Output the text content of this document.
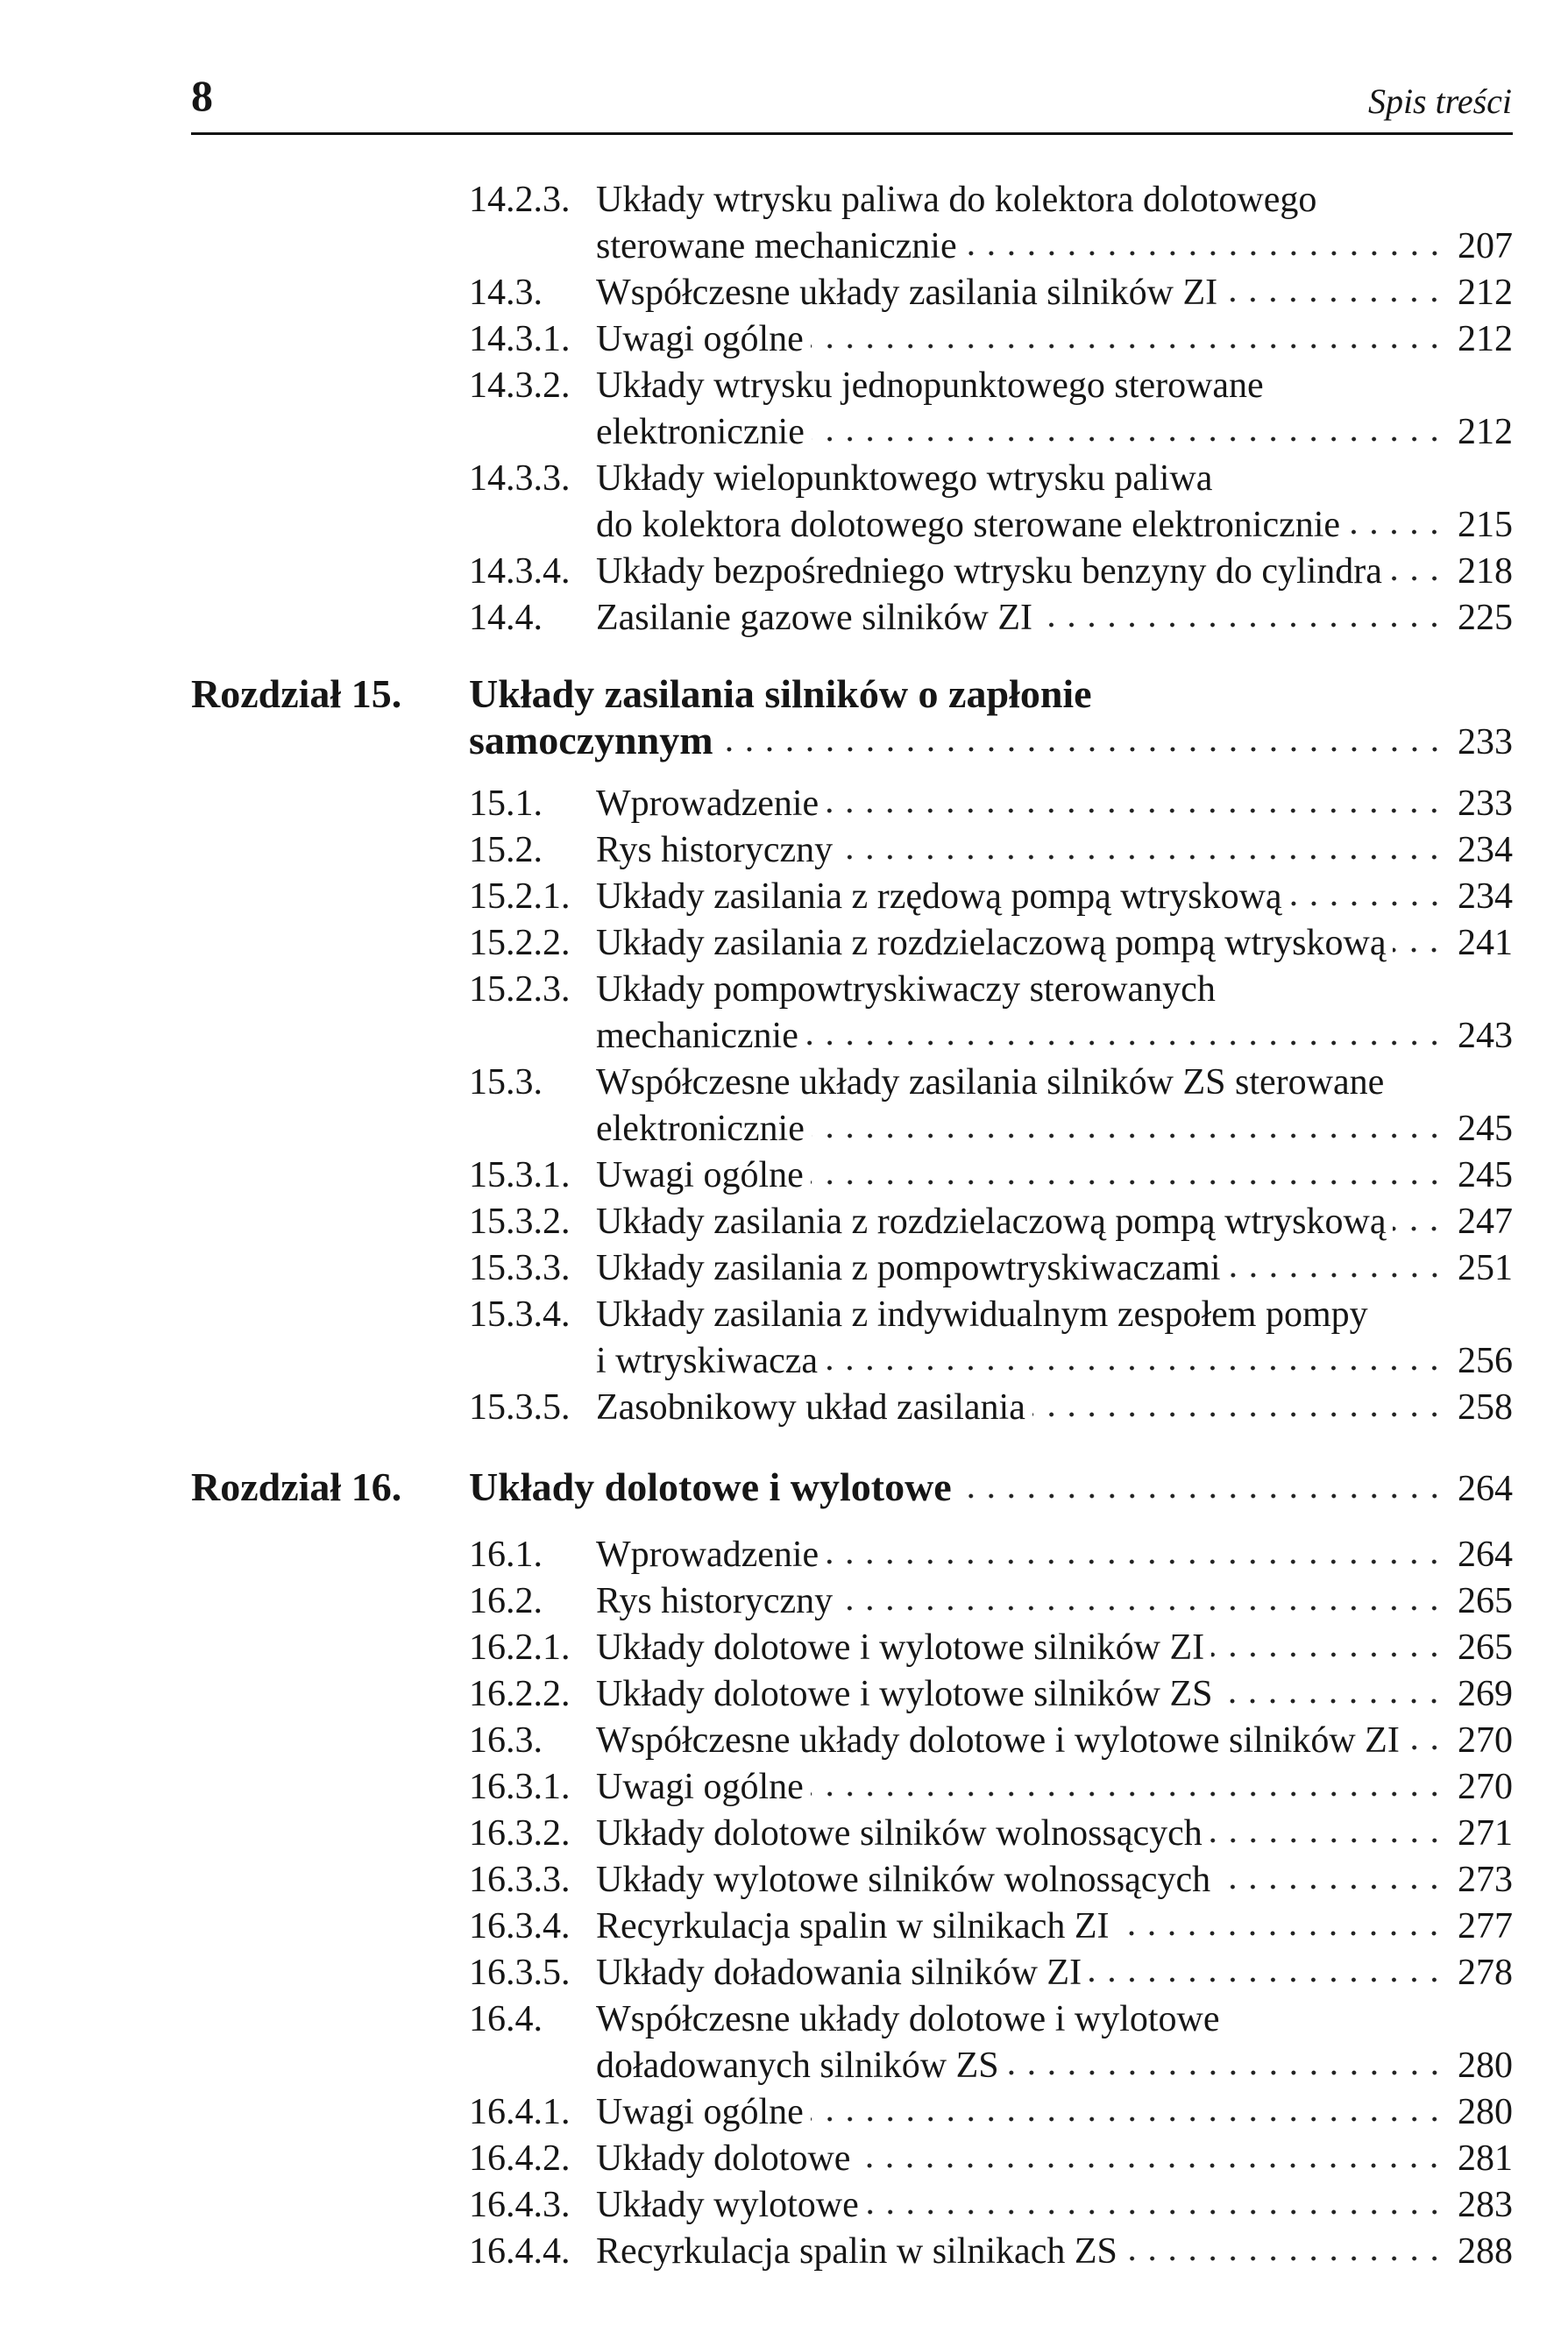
8	Spis treści
14.2.3. Układy wtrysku paliwa do kolektora dolotowego
sterowane mechanicznie	207
14.3.	Współczesne układy zasilania silników ZI	212
14.3.1. Uwagi ogólne	212
14.3.2. Układy wtrysku jednopunktowego sterowane
elektronicznie	212
14.3.3. Układy wielopunktowego wtrysku paliwa
do kolektora dolotowego sterowane elektronicznie	215
14.3.4. Układy bezpośredniego wtrysku benzyny do cylindra 218
14.4.	Zasilanie gazowe silników ZI	225
Rozdział 15.	Układy zasilania silników o zapłonie
samoczynnym	233
15.1.	Wprowadzenie	233
15.2.	Rys historyczny	234
15.2.1. Układy zasilania z rzędową pompą wtryskową	234
15.2.2. Układy zasilania z rozdzielaczową pompą wtryskową 241
15.2.3. Układy pompowtryskiwaczy sterowanych
mechanicznie	243
15.3.	Współczesne układy zasilania silników ZS sterowane
elektronicznie	245
15.3.1. Uwagi ogólne	245
15.3.2. Układy zasilania z rozdzielaczową pompą wtryskową 247
15.3.3. Układy zasilania z pompowtryskiwaczami	251
15.3.4. Układy zasilania z indywidualnym zespołem pompy
i wtryskiwacza	256
15.3.5. Zasobnikowy układ zasilania	258
Rozdział 16.	Układy dolotowe i wylotowe	264
16.1.	Wprowadzenie	264
16.2.	Rys historyczny	265
16.2.1. Układy dolotowe i wylotowe silników ZI	265
16.2.2. Układy dolotowe i wylotowe silników ZS	269
16.3.	Współczesne układy dolotowe i wylotowe silników ZI 270
16.3.1. Uwagi ogólne	270
16.3.2. Układy dolotowe silników wolnossących	271
16.3.3. Układy wylotowe silników wolnossących	273
16.3.4. Recyrkulacja spalin w silnikach ZI	277
16.3.5. Układy doładowania silników ZI	278
16.4.	Współczesne układy dolotowe i wylotowe
doładowanych silników ZS	280
16.4.1. Uwagi ogólne	280
16.4.2. Układy dolotowe	281
16.4.3. Układy wylotowe	283
16.4.4. Recyrkulacja spalin w silnikach ZS	288
